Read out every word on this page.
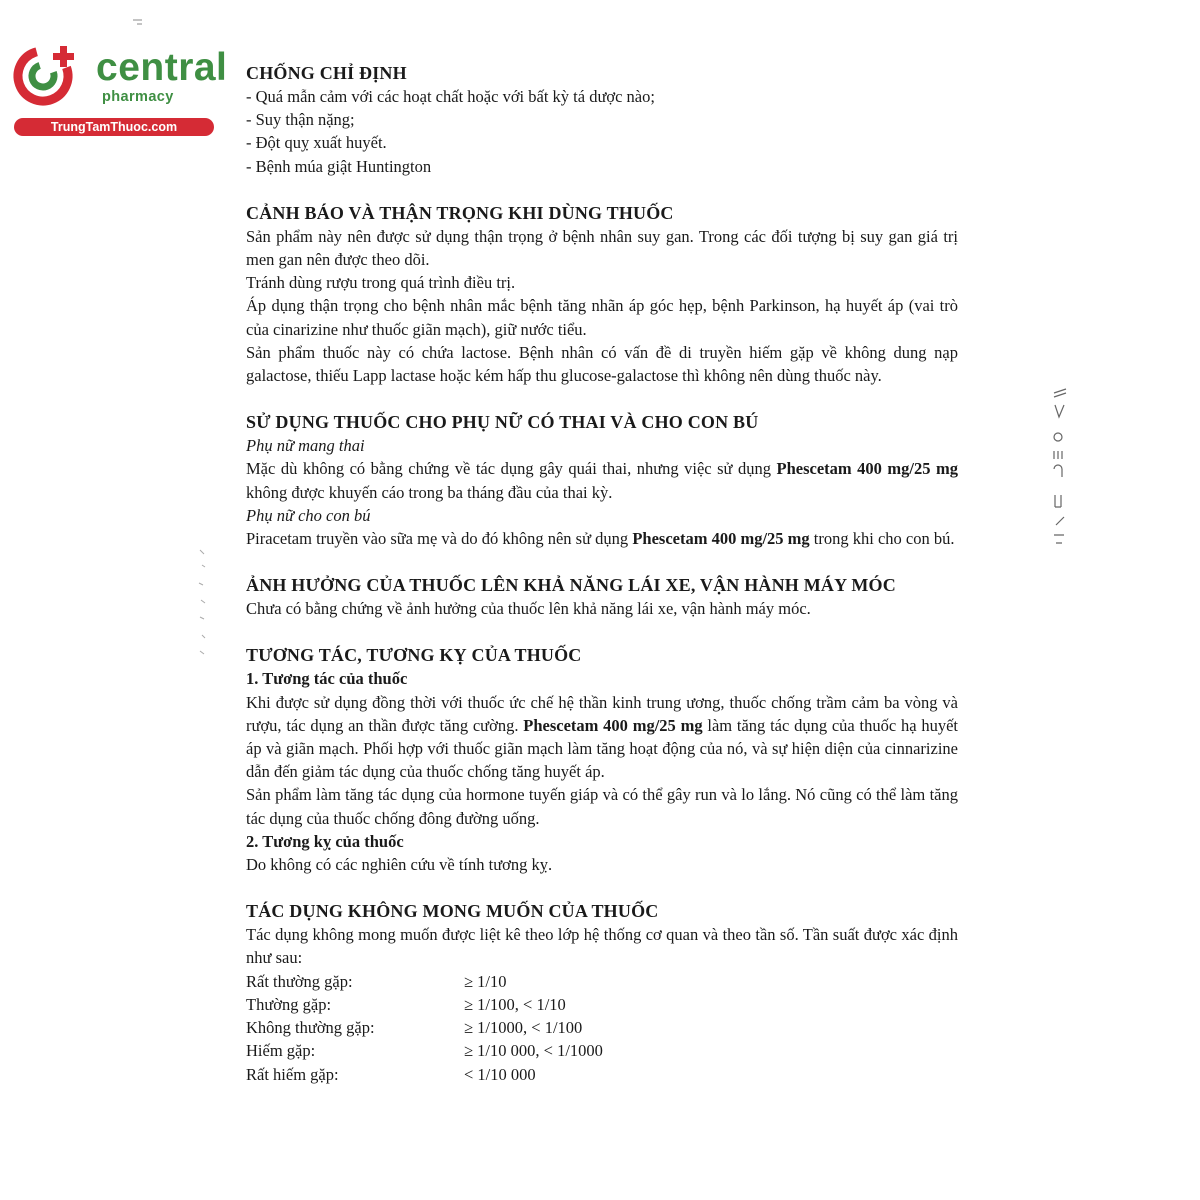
central
pharmacy
TrungTamThuoc.com
CHỐNG CHỈ ĐỊNH
- Quá mẫn cảm với các hoạt chất hoặc với bất kỳ tá dược nào;
- Suy thận nặng;
- Đột quỵ xuất huyết.
- Bệnh múa giật Huntington
CẢNH BÁO VÀ THẬN TRỌNG KHI DÙNG THUỐC
Sản phẩm này nên được sử dụng thận trọng ở bệnh nhân suy gan. Trong các đối tượng bị suy gan giá trị men gan nên được theo dõi.
Tránh dùng rượu trong quá trình điều trị.
Áp dụng thận trọng cho bệnh nhân mắc bệnh tăng nhãn áp góc hẹp, bệnh Parkinson, hạ huyết áp (vai trò của cinarizine như thuốc giãn mạch), giữ nước tiểu.
Sản phẩm thuốc này có chứa lactose. Bệnh nhân có vấn đề di truyền hiếm gặp về không dung nạp galactose, thiếu Lapp lactase hoặc kém hấp thu glucose-galactose thì không nên dùng thuốc này.
SỬ DỤNG THUỐC CHO PHỤ NỮ CÓ THAI VÀ CHO CON BÚ
Phụ nữ mang thai
Mặc dù không có bằng chứng về tác dụng gây quái thai, nhưng việc sử dụng Phescetam 400 mg/25 mg không được khuyến cáo trong ba tháng đầu của thai kỳ.
Phụ nữ cho con bú
Piracetam truyền vào sữa mẹ và do đó không nên sử dụng Phescetam 400 mg/25 mg trong khi cho con bú.
ẢNH HƯỞNG CỦA THUỐC LÊN KHẢ NĂNG LÁI XE, VẬN HÀNH MÁY MÓC
Chưa có bằng chứng về ảnh hưởng của thuốc lên khả năng lái xe, vận hành máy móc.
TƯƠNG TÁC, TƯƠNG KỴ CỦA THUỐC
1. Tương tác của thuốc
Khi được sử dụng đồng thời với thuốc ức chế hệ thần kinh trung ương, thuốc chống trầm cảm ba vòng và rượu, tác dụng an thần được tăng cường. Phescetam 400 mg/25 mg làm tăng tác dụng của thuốc hạ huyết áp và giãn mạch. Phối hợp với thuốc giãn mạch làm tăng hoạt động của nó, và sự hiện diện của cinnarizine dẫn đến giảm tác dụng của thuốc chống tăng huyết áp.
Sản phẩm làm tăng tác dụng của hormone tuyến giáp và có thể gây run và lo lắng. Nó cũng có thể làm tăng tác dụng của thuốc chống đông đường uống.
2. Tương kỵ của thuốc
Do không có các nghiên cứu về tính tương kỵ.
TÁC DỤNG KHÔNG MONG MUỐN CỦA THUỐC
Tác dụng không mong muốn được liệt kê theo lớp hệ thống cơ quan và theo tần số. Tần suất được xác định như sau:
Rất thường gặp:	≥ 1/10
Thường gặp:	≥ 1/100, < 1/10
Không thường gặp:	≥ 1/1000, < 1/100
Hiếm gặp:	≥ 1/10 000, < 1/1000
Rất hiếm gặp:	< 1/10 000
